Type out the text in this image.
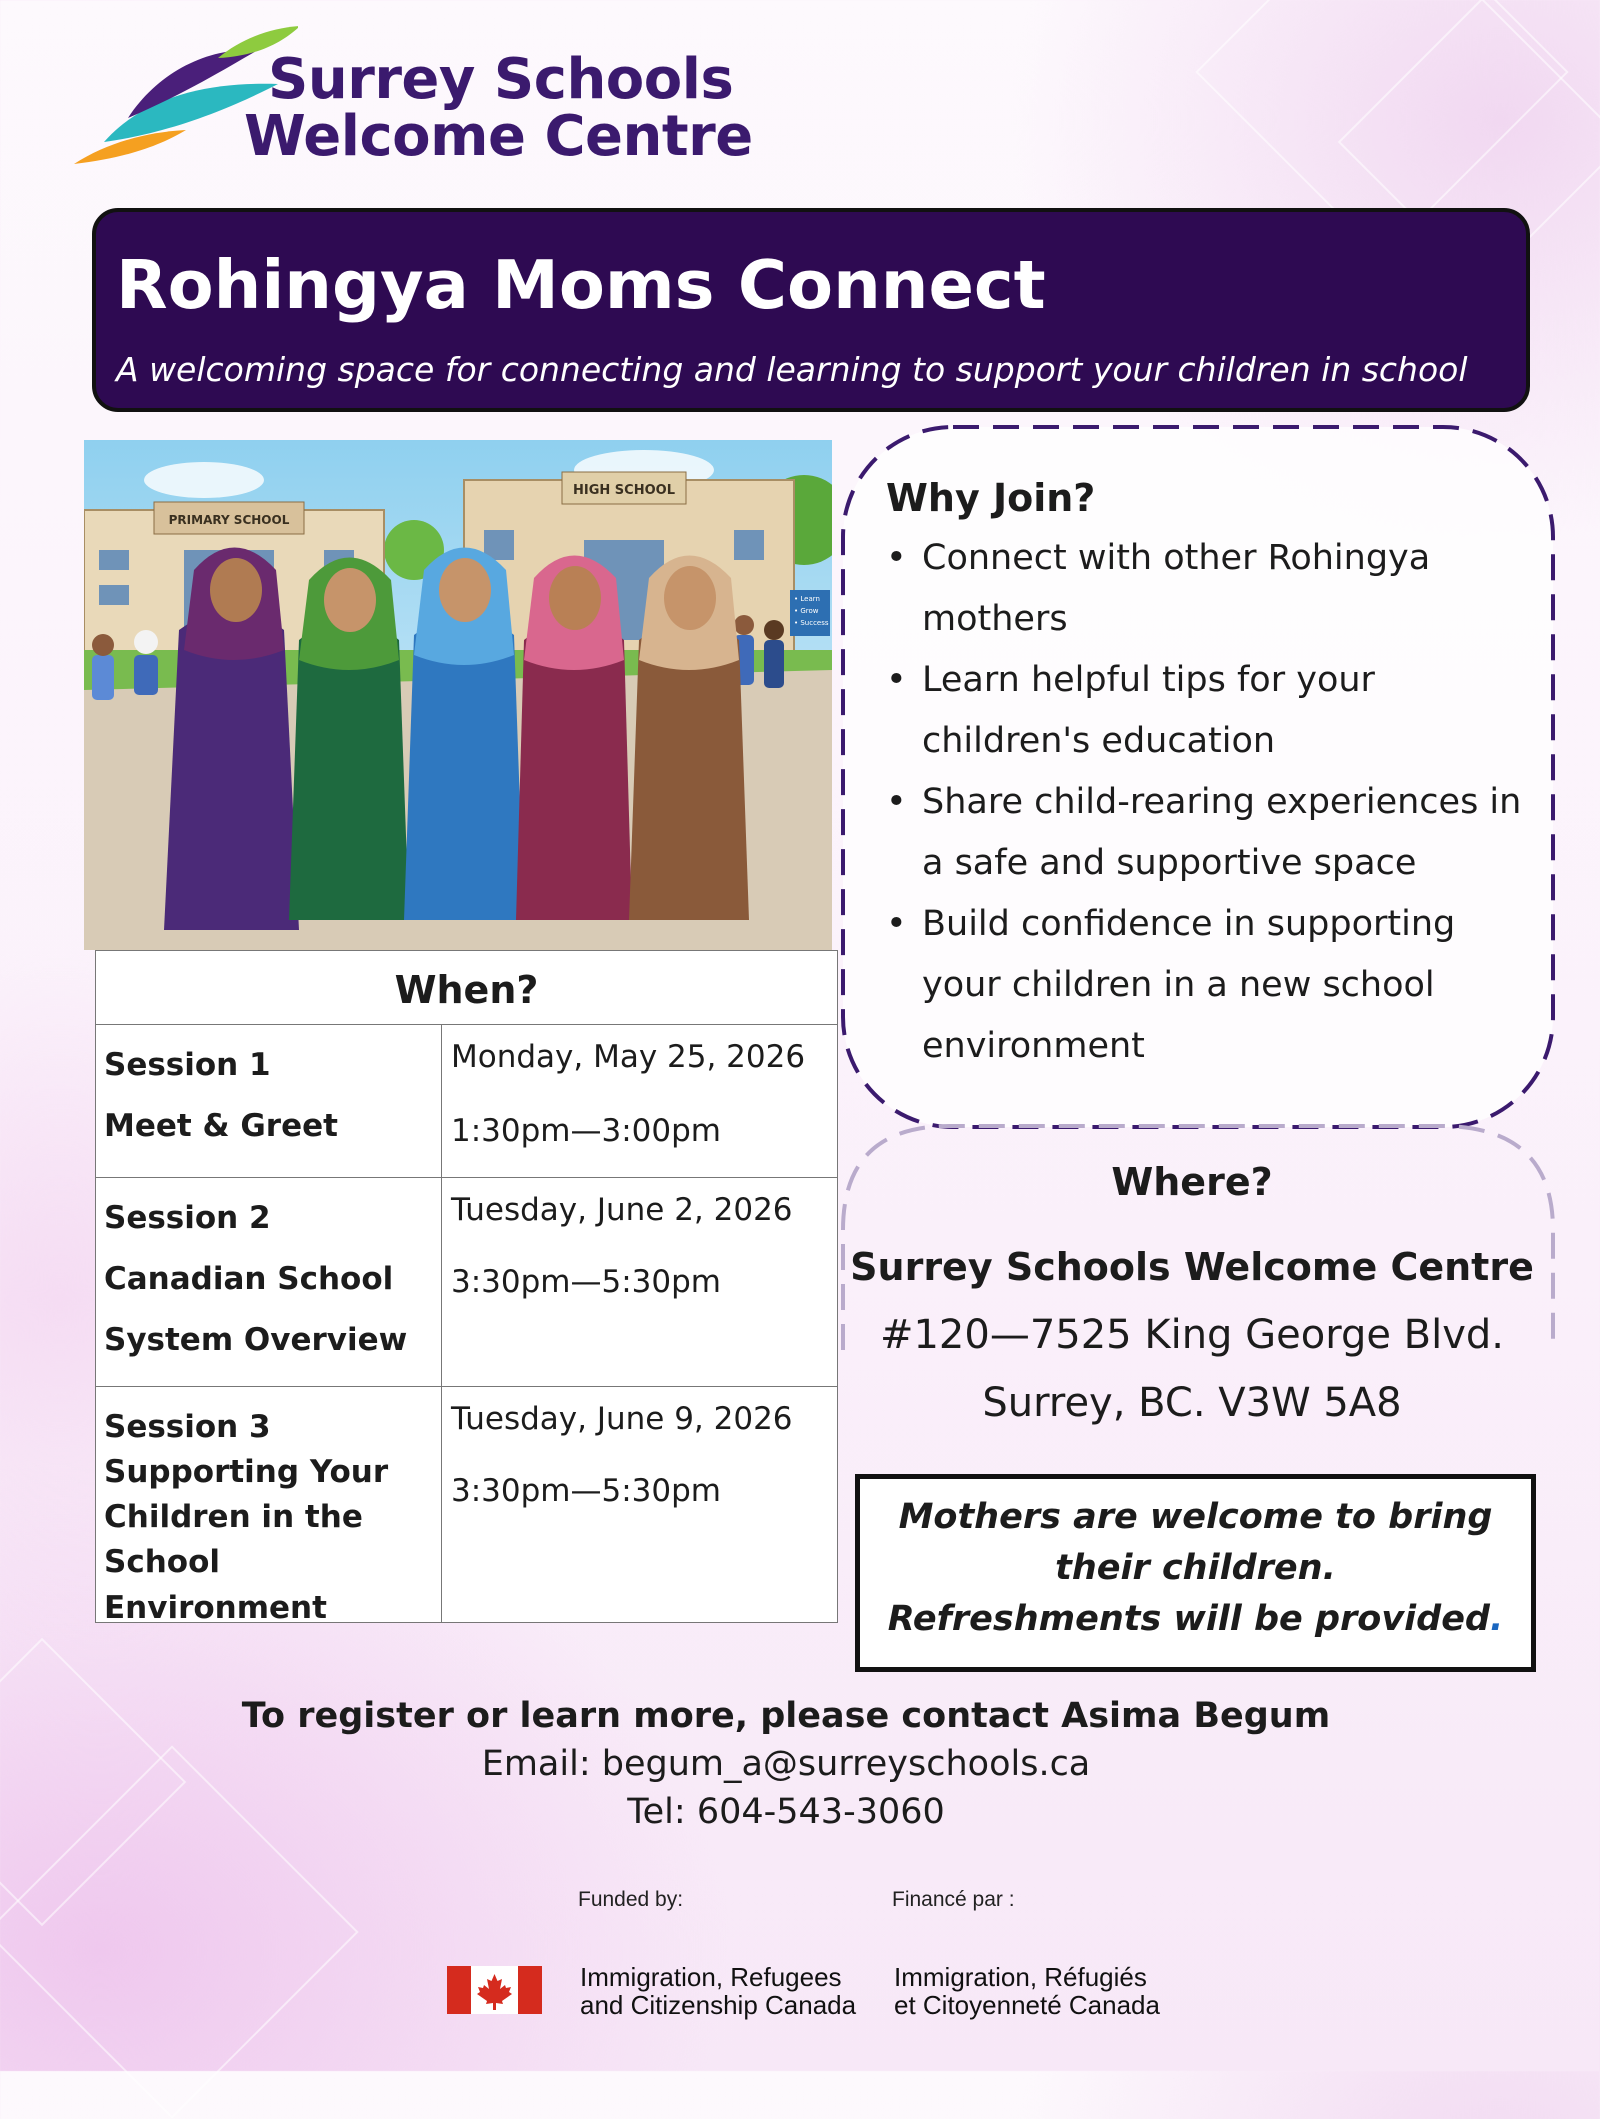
Surrey Schools
Welcome Centre
Rohingya Moms Connect
A welcoming space for connecting and learning to support your children in school
PRIMARY SCHOOL
HIGH SCHOOL
• Learn
• Grow
• Success
When?
Session 1
Meet & Greet
Monday, May 25, 2026
1:30pm—3:00pm
Session 2
Canadian School
System Overview
Tuesday, June 2, 2026
3:30pm—5:30pm
Session 3
Supporting Your
Children in the
School Environment
Tuesday, June 9, 2026
3:30pm—5:30pm
Why Join?
• Connect with other Rohingya
mothers
• Learn helpful tips for your
children's education
• Share child-rearing experiences in
a safe and supportive space
• Build confidence in supporting
your children in a new school
environment
Where?
Surrey Schools Welcome Centre
#120—7525 King George Blvd.
Surrey, BC. V3W 5A8
Mothers are welcome to bring
their children.
Refreshments will be provided.
To register or learn more, please contact Asima Begum
Email: begum_a@surreyschools.ca
Tel: 604-543-3060
Funded by:	Financé par :
Immigration, Refugees
and Citizenship Canada
Immigration, Réfugiés
et Citoyenneté Canada
